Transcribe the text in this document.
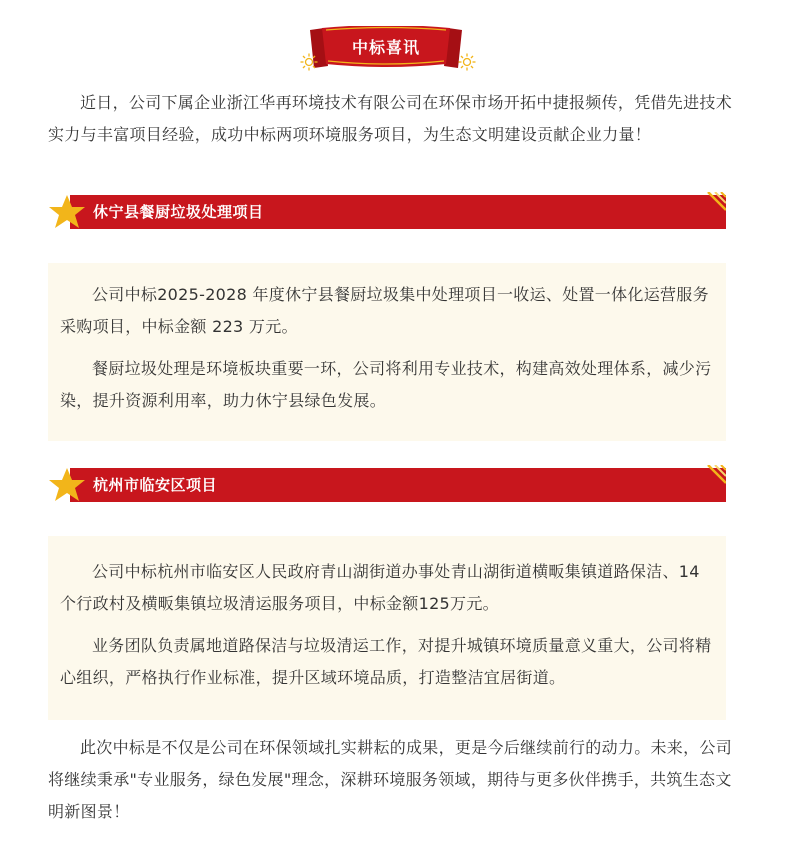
中标喜讯

近日，公司下属企业浙江华再环境技术有限公司在环保市场开拓中捷报频传，凭借先进技术实力与丰富项目经验，成功中标两项环境服务项目，为生态文明建设贡献企业力量！

休宁县餐厨垃圾处理项目

公司中标2025-2028 年度休宁县餐厨垃圾集中处理项目一收运、处置一体化运营服务采购项目，中标金额 223 万元。

餐厨垃圾处理是环境板块重要一环，公司将利用专业技术，构建高效处理体系，减少污染，提升资源利用率，助力休宁县绿色发展。

杭州市临安区项目

公司中标杭州市临安区人民政府青山湖街道办事处青山湖街道横畈集镇道路保洁、14 个行政村及横畈集镇垃圾清运服务项目，中标金额125万元。

业务团队负责属地道路保洁与垃圾清运工作，对提升城镇环境质量意义重大，公司将精心组织，严格执行作业标准，提升区域环境品质，打造整洁宜居街道。

此次中标是不仅是公司在环保领域扎实耕耘的成果，更是今后继续前行的动力。未来，公司将继续秉承"专业服务，绿色发展"理念，深耕环境服务领域，期待与更多伙伴携手，共筑生态文明新图景！
